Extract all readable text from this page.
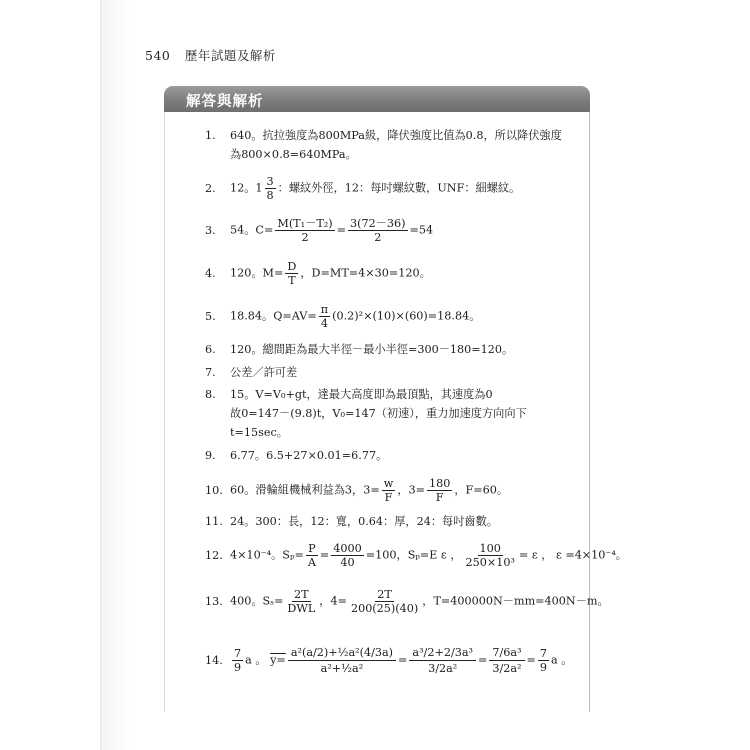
540 歷年試題及解析
解答與解析
1. 640。抗拉強度為800MPa級，降伏強度比值為0.8，所以降伏強度
為800×0.8=640MPa。
2. 12。$1 \frac{3}{8}$ ：螺紋外徑，12：每吋螺紋數，UNF：細螺紋。
3. 54。$C= \frac{\text{M(T₁－T₂)}}{2} = \frac{3(72-36)}{2} =54$
4. 120。$M= \frac{D}{T}$ ，D=MT=4×30=120。
5. 18.84。$Q=AV= \frac{\pi}{4} (0.2)^2\times(10)\times(60)=18.84$。
6. 120。總間距為最大半徑－最小半徑=300－180=120。
7. 公差／許可差
8. 15。V=V₀+gt，達最大高度即為最頂點，其速度為0
故0=147－(9.8)t，V₀=147（初速），重力加速度方向向下
t=15sec。
9. 6.77。6.5+27×0.01=6.77。
10. 60。滑輪組機械利益為3，$3= \frac{w}{F}$ ，$3= \frac{180}{F}$ ，F=60。
11. 24。300：長，12：寬，0.64：厚，24：每吋齒數。
12. 4×10⁻⁴。$S_p= \frac{P}{A} = \frac{4000}{40} =100$，Sₚ=E ε ， $\frac{100}{\text{250×10³}} = \varepsilon$ ， ε =4×10⁻⁴。
13. 400。$S_s= \frac{2T}{\text{DWL}}$ ，$4= \frac{2T}{200(25)(40)}$ ，T=400000N－mm=400N－m。
14. $\frac{7}{9}$ a 。 $y= \frac{\text{a²(a/2)+½a²(4/3a)}}{\text{a²+½a²}} = \frac{\text{a³/2+2/3a³}}{\text{3/2a²}} = \frac{\text{7/6a³}}{\text{3/2a²}} = \frac{7}{9}$ a 。
